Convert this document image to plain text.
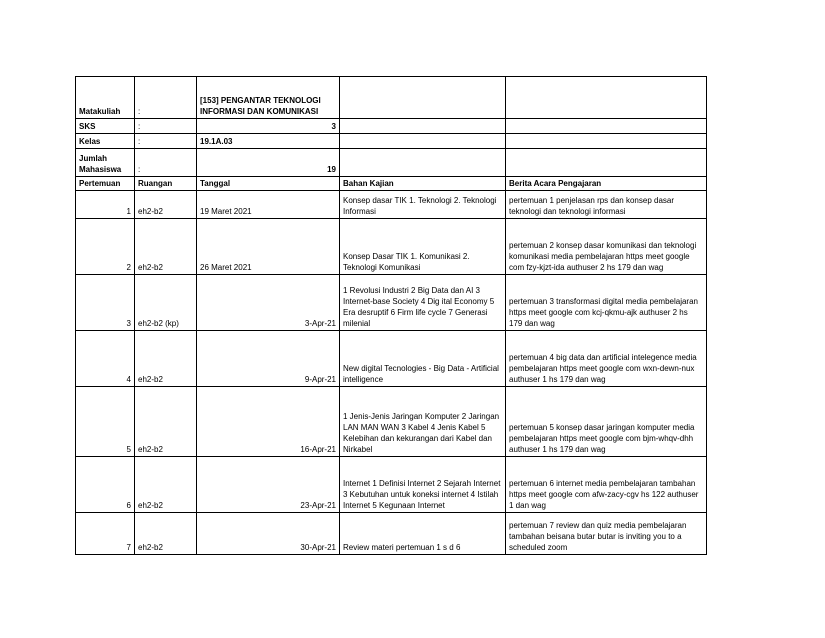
Matakuliah	:	[153] PENGANTAR TEKNOLOGI INFORMASI DAN KOMUNIKASI		
SKS	:	3		
Kelas	:	19.1A.03		
Jumlah Mahasiswa	:	19		
Pertemuan	Ruangan	Tanggal	Bahan Kajian	Berita Acara Pengajaran
1	eh2-b2	19 Maret 2021	Konsep dasar TIK 1. Teknologi 2. Teknologi Informasi	pertemuan 1 penjelasan rps dan konsep dasar teknologi dan teknologi informasi
2	eh2-b2	26 Maret 2021	Konsep Dasar TIK 1. Komunikasi 2. Teknologi Komunikasi	pertemuan 2 konsep dasar komunikasi dan teknologi komunikasi media pembelajaran https meet google com fzy-kjzt-ida authuser 2 hs 179 dan wag
3	eh2-b2 (kp)	3-Apr-21	1 Revolusi Industri 2 Big Data dan AI 3 Internet-base Society 4 Dig ital Economy 5 Era desruptif 6 Firm life cycle 7 Generasi milenial	pertemuan 3 transformasi digital media pembelajaran https meet google com kcj-qkmu-ajk authuser 2 hs 179 dan wag
4	eh2-b2	9-Apr-21	New digital Tecnologies - Big Data - Artificial intelligence	pertemuan 4 big data dan artificial intelegence media pembelajaran https meet google com wxn-dewn-nux authuser 1 hs 179 dan wag
5	eh2-b2	16-Apr-21	1 Jenis-Jenis Jaringan Komputer 2 Jaringan LAN MAN WAN 3 Kabel 4 Jenis Kabel 5 Kelebihan dan kekurangan dari Kabel dan Nirkabel	pertemuan 5 konsep dasar jaringan komputer media pembelajaran https meet google com bjm-whqv-dhh authuser 1 hs 179 dan wag
6	eh2-b2	23-Apr-21	Internet 1 Definisi Internet 2 Sejarah Internet 3 Kebutuhan untuk koneksi internet 4 Istilah Internet 5 Kegunaan Internet	pertemuan 6 internet media pembelajaran tambahan https meet google com afw-zacy-cgv hs 122 authuser 1 dan wag
7	eh2-b2	30-Apr-21	Review materi pertemuan 1 s d 6	pertemuan 7 review dan quiz media pembelajaran tambahan beisana butar butar is inviting you to a scheduled zoom
